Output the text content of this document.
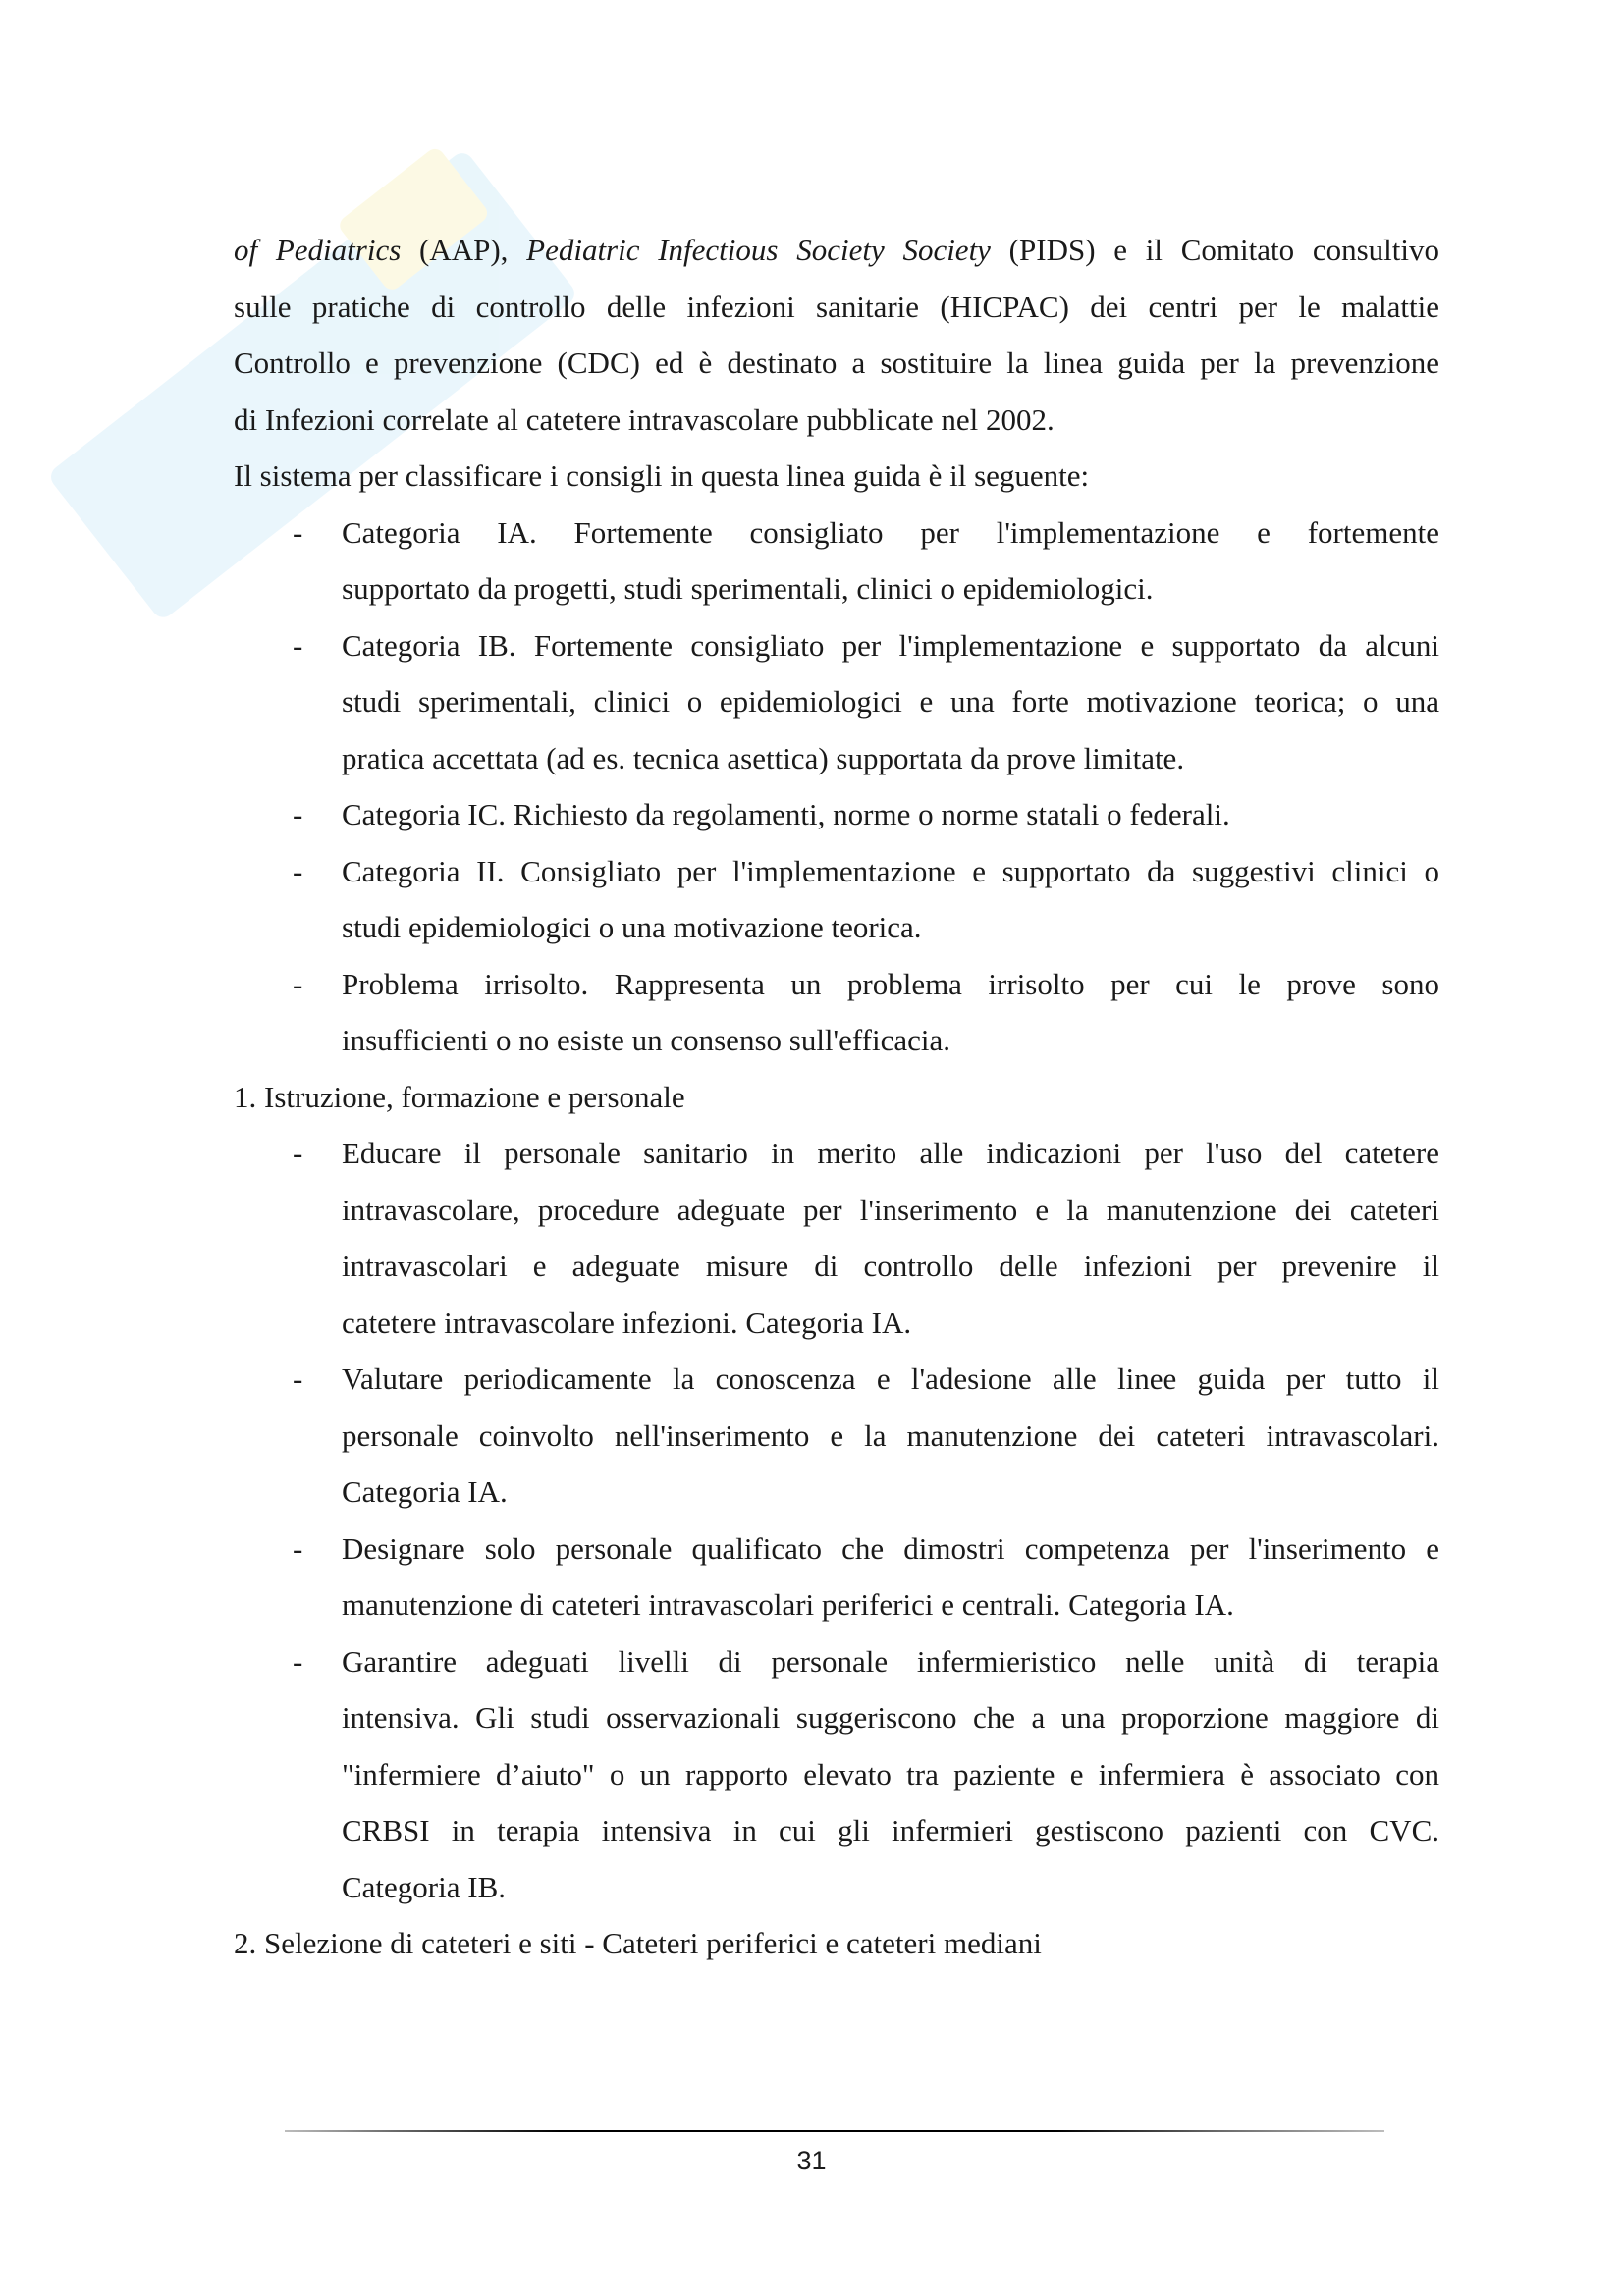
of Pediatrics (AAP), Pediatric Infectious Society Society (PIDS) e il Comitato consultivo
sulle pratiche di controllo delle infezioni sanitarie (HICPAC) dei centri per le malattie
Controllo e prevenzione (CDC) ed è destinato a sostituire la linea guida per la prevenzione
di Infezioni correlate al catetere intravascolare pubblicate nel 2002.
Il sistema per classificare i consigli in questa linea guida è il seguente:
- Categoria IA. Fortemente consigliato per l'implementazione e fortemente
supportato da progetti, studi sperimentali, clinici o epidemiologici.
- Categoria IB. Fortemente consigliato per l'implementazione e supportato da alcuni
studi sperimentali, clinici o epidemiologici e una forte motivazione teorica; o una
pratica accettata (ad es. tecnica asettica) supportata da prove limitate.
- Categoria IC. Richiesto da regolamenti, norme o norme statali o federali.
- Categoria II. Consigliato per l'implementazione e supportato da suggestivi clinici o
studi epidemiologici o una motivazione teorica.
- Problema irrisolto. Rappresenta un problema irrisolto per cui le prove sono
insufficienti o no esiste un consenso sull'efficacia.
1. Istruzione, formazione e personale
- Educare il personale sanitario in merito alle indicazioni per l'uso del catetere
intravascolare, procedure adeguate per l'inserimento e la manutenzione dei cateteri
intravascolari e adeguate misure di controllo delle infezioni per prevenire il
catetere intravascolare infezioni. Categoria IA.
- Valutare periodicamente la conoscenza e l'adesione alle linee guida per tutto il
personale coinvolto nell'inserimento e la manutenzione dei cateteri intravascolari.
Categoria IA.
- Designare solo personale qualificato che dimostri competenza per l'inserimento e
manutenzione di cateteri intravascolari periferici e centrali. Categoria IA.
- Garantire adeguati livelli di personale infermieristico nelle unità di terapia
intensiva. Gli studi osservazionali suggeriscono che a una proporzione maggiore di
"infermiere d’aiuto" o un rapporto elevato tra paziente e infermiera è associato con
CRBSI in terapia intensiva in cui gli infermieri gestiscono pazienti con CVC.
Categoria IB.
2. Selezione di cateteri e siti - Cateteri periferici e cateteri mediani
31
